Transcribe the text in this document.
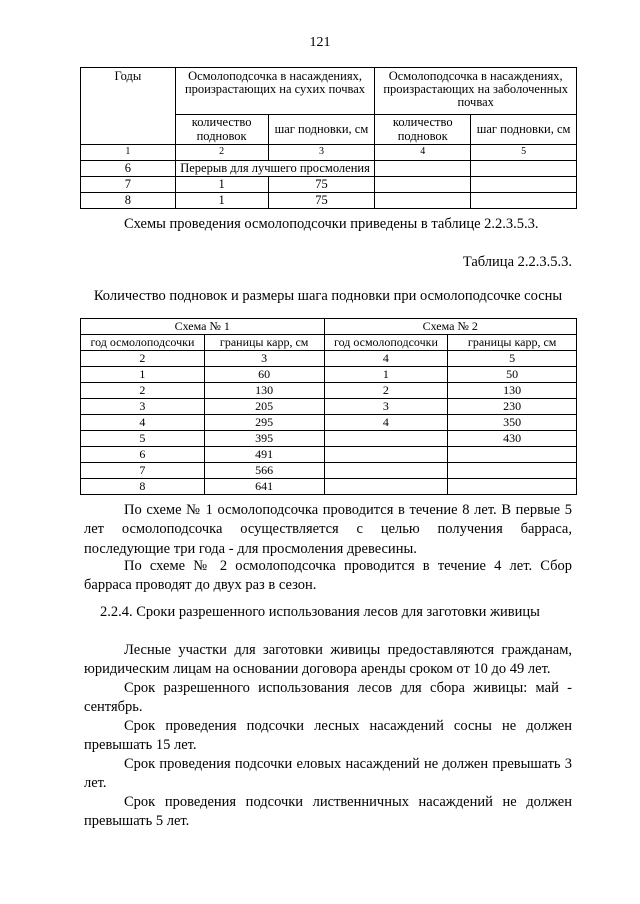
121
Годы	Осмолоподсочка в насаждениях, произрастающих на сухих почвах		Осмолоподсочка в насаждениях, произрастающих на заболоченных почвах	
	количество подновок	шаг подновки, см	количество подновок	шаг подновки, см
1	2	3	4	5
6	Перерыв для лучшего просмоления			
7	1	75		
8	1	75		
Схемы проведения осмолоподсочки приведены в таблице 2.2.3.5.3.
Таблица 2.2.3.5.3.
Количество подновок и размеры шага подновки при осмолоподсочке сосны
Схема № 1		Схема № 2	
год осмолоподсочки	границы карр, см	год осмолоподсочки	границы карр, см
2	3	4	5
1	60	1	50
2	130	2	130
3	205	3	230
4	295	4	350
5	395		430
6	491		
7	566		
8	641		
По схеме № 1 осмолоподсочка проводится в течение 8 лет. В первые 5 лет осмолоподсочка осуществляется с целью получения барраса, последующие три года - для просмоления древесины.
По схеме № 2 осмолоподсочка проводится в течение 4 лет. Сбор барраса проводят до двух раз в сезон.
2.2.4. Сроки разрешенного использования лесов для заготовки живицы
Лесные участки для заготовки живицы предоставляются гражданам, юридическим лицам на основании договора аренды сроком от 10 до 49 лет.
Срок разрешенного использования лесов для сбора живицы: май - сентябрь.
Срок проведения подсочки лесных насаждений сосны не должен превышать 15 лет.
Срок проведения подсочки еловых насаждений не должен превышать 3 лет.
Срок проведения подсочки лиственничных насаждений не должен превышать 5 лет.
